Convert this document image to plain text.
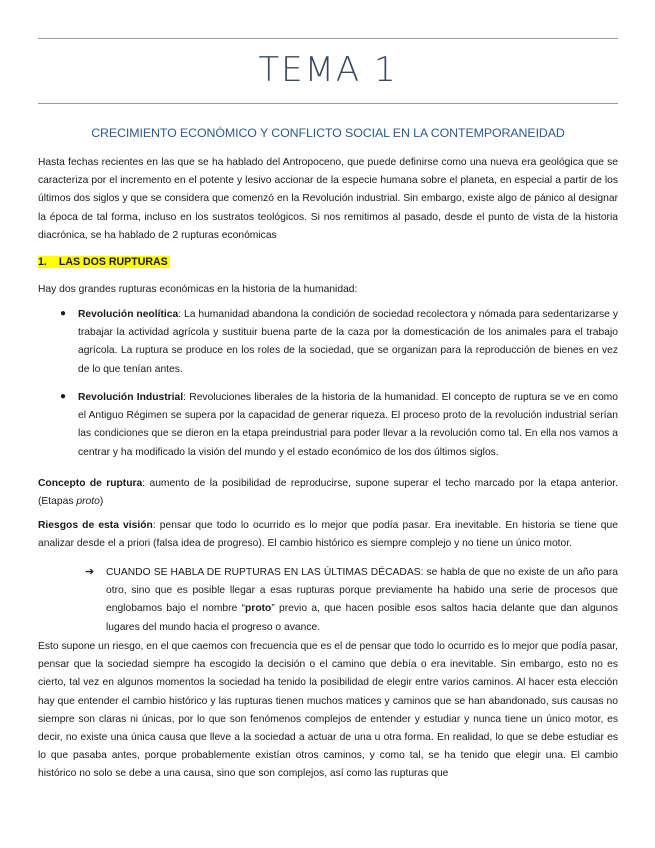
TEMA 1
CRECIMIENTO ECONÓMICO Y CONFLICTO SOCIAL EN LA CONTEMPORANEIDAD
Hasta fechas recientes en las que se ha hablado del Antropoceno, que puede definirse como una nueva era geológica que se caracteriza por el incremento en el potente y lesivo accionar de la especie humana sobre el planeta, en especial a partir de los últimos dos siglos y que se considera que comenzó en la Revolución industrial. Sin embargo, existe algo de pánico al designar la época de tal forma, incluso en los sustratos teológicos. Si nos remitimos al pasado, desde el punto de vista de la historia diacrónica, se ha hablado de 2 rupturas económicas
1. LAS DOS RUPTURAS
Hay dos grandes rupturas económicas en la historia de la humanidad:
● Revolución neolítica: La humanidad abandona la condición de sociedad recolectora y nómada para sedentarizarse y trabajar la actividad agrícola y sustituir buena parte de la caza por la domesticación de los animales para el trabajo agrícola. La ruptura se produce en los roles de la sociedad, que se organizan para la reproducción de bienes en vez de lo que tenían antes.
● Revolución Industrial: Revoluciones liberales de la historia de la humanidad. El concepto de ruptura se ve en como el Antiguo Régimen se supera por la capacidad de generar riqueza. El proceso proto de la revolución industrial serían las condiciones que se dieron en la etapa preindustrial para poder llevar a la revolución como tal. En ella nos vamos a centrar y ha modificado la visión del mundo y el estado económico de los dos últimos siglos.
Concepto de ruptura: aumento de la posibilidad de reproducirse, supone superar el techo marcado por la etapa anterior. (Etapas proto)
Riesgos de esta visión: pensar que todo lo ocurrido es lo mejor que podía pasar. Era inevitable. En historia se tiene que analizar desde el a priori (falsa idea de progreso). El cambio histórico es siempre complejo y no tiene un único motor.
➔ CUANDO SE HABLA DE RUPTURAS EN LAS ÚLTIMAS DÉCADAS: se habla de que no existe de un año para otro, sino que es posible llegar a esas rupturas porque previamente ha habido una serie de procesos que englobamos bajo el nombre “proto” previo a, que hacen posible esos saltos hacia delante que dan algunos lugares del mundo hacia el progreso o avance.
Esto supone un riesgo, en el que caemos con frecuencia que es el de pensar que todo lo ocurrido es lo mejor que podía pasar, pensar que la sociedad siempre ha escogido la decisión o el camino que debía o era inevitable. Sin embargo, esto no es cierto, tal vez en algunos momentos la sociedad ha tenido la posibilidad de elegir entre varios caminos. Al hacer esta elección hay que entender el cambio histórico y las rupturas tienen muchos matices y caminos que se han abandonado, sus causas no siempre son claras ni únicas, por lo que son fenómenos complejos de entender y estudiar y nunca tiene un único motor, es decir, no existe una única causa que lleve a la sociedad a actuar de una u otra forma. En realidad, lo que se debe estudiar es lo que pasaba antes, porque probablemente existían otros caminos, y como tal, se ha tenido que elegir una. El cambio histórico no solo se debe a una causa, sino que son complejos, así como las rupturas que
